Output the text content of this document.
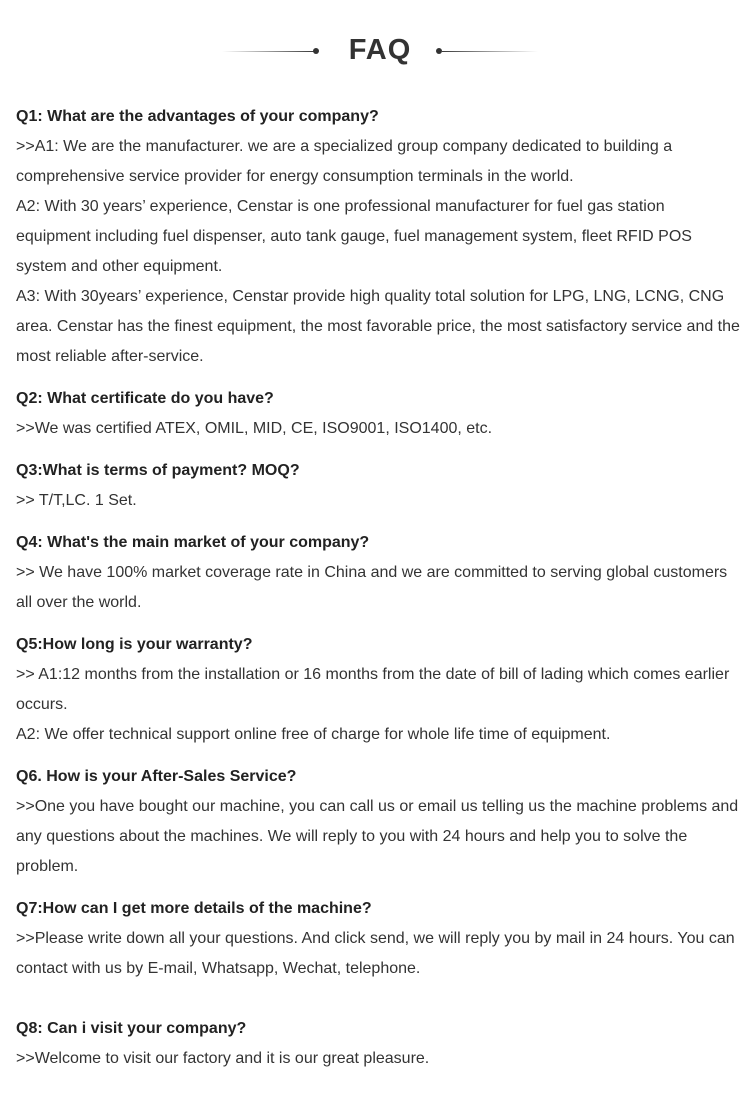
FAQ
Q1: What are the advantages of your company?
>>A1: We are the manufacturer. we are a specialized group company dedicated to building a comprehensive service provider for energy consumption terminals in the world.
A2: With 30 years’ experience, Censtar is one professional manufacturer for fuel gas station equipment including fuel dispenser, auto tank gauge, fuel management system, fleet RFID POS system and other equipment.
A3: With 30years’ experience, Censtar provide high quality total solution for LPG, LNG, LCNG, CNG area. Censtar has the finest equipment, the most favorable price, the most satisfactory service and the most reliable after-service.
Q2: What certificate do you have?
>>We was certified ATEX, OMIL, MID, CE, ISO9001, ISO1400, etc.
Q3:What is terms of payment? MOQ?
>> T/T,LC. 1 Set.
Q4: What's the main market of your company?
>> We have 100% market coverage rate in China and we are committed to serving global customers all over the world.
Q5:How long is your warranty?
>> A1:12 months from the installation or 16 months from the date of bill of lading which comes earlier occurs.
A2: We offer technical support online free of charge for whole life time of equipment.
Q6. How is your After-Sales Service?
>>One you have bought our machine, you can call us or email us telling us the machine problems and any questions about the machines. We will reply to you with 24 hours and help you to solve the problem.
Q7:How can I get more details of the machine?
>>Please write down all your questions. And click send, we will reply you by mail in 24 hours. You can contact with us by E-mail, Whatsapp, Wechat, telephone.
Q8: Can i visit your company?
>>Welcome to visit our factory and it is our great pleasure.
